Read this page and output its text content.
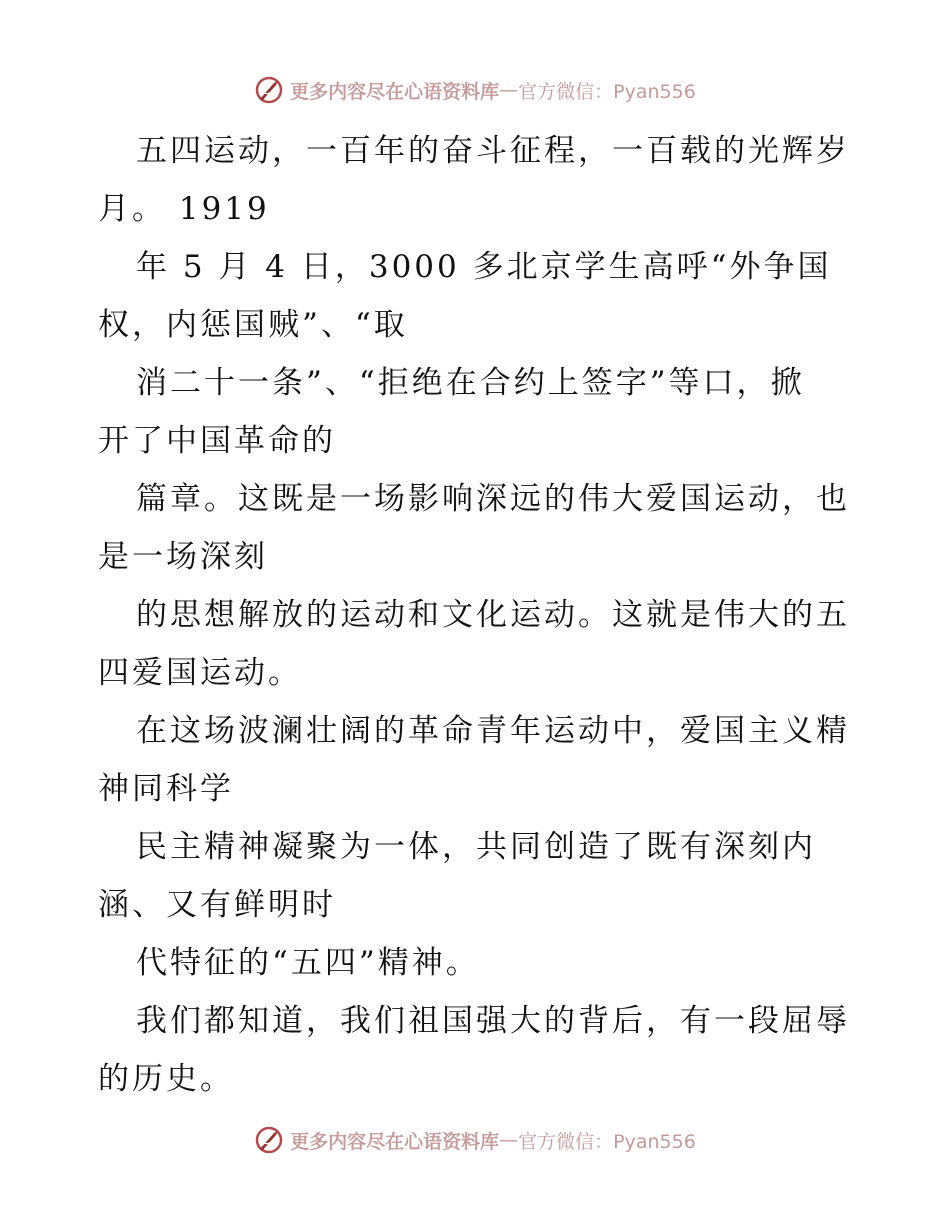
更多内容尽在心语资料库 — 官方微信：Pyan556
五四运动，一百年的奋斗征程，一百载的光辉岁
月。 1919
年 5 月 4 日，3000 多北京学生高呼“外争国
权，内惩国贼”、“取
消二十一条”、“拒绝在合约上签字”等口，掀
开了中国革命的
篇章。这既是一场影响深远的伟大爱国运动，也
是一场深刻
的思想解放的运动和文化运动。这就是伟大的五
四爱国运动。
在这场波澜壮阔的革命青年运动中，爱国主义精
神同科学
民主精神凝聚为一体，共同创造了既有深刻内
涵、又有鲜明时
代特征的“五四”精神。
我们都知道，我们祖国强大的背后，有一段屈辱
的历史。
更多内容尽在心语资料库 — 官方微信：Pyan556
